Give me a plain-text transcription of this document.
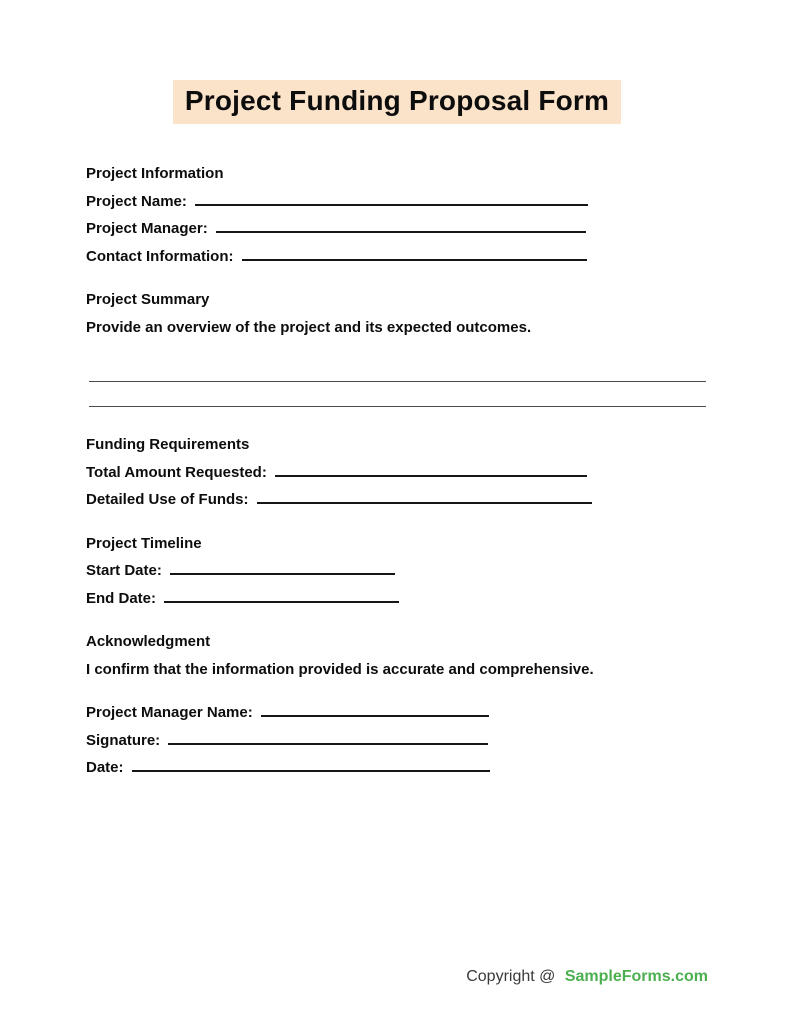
Project Funding Proposal Form

Project Information

Project Name:

Project Manager:

Contact Information:

Project Summary

Provide an overview of the project and its expected outcomes.

Funding Requirements

Total Amount Requested:

Detailed Use of Funds:

Project Timeline

Start Date:

End Date:

Acknowledgment

I confirm that the information provided is accurate and comprehensive.

Project Manager Name:

Signature:

Date:

Copyright @ SampleForms.com
